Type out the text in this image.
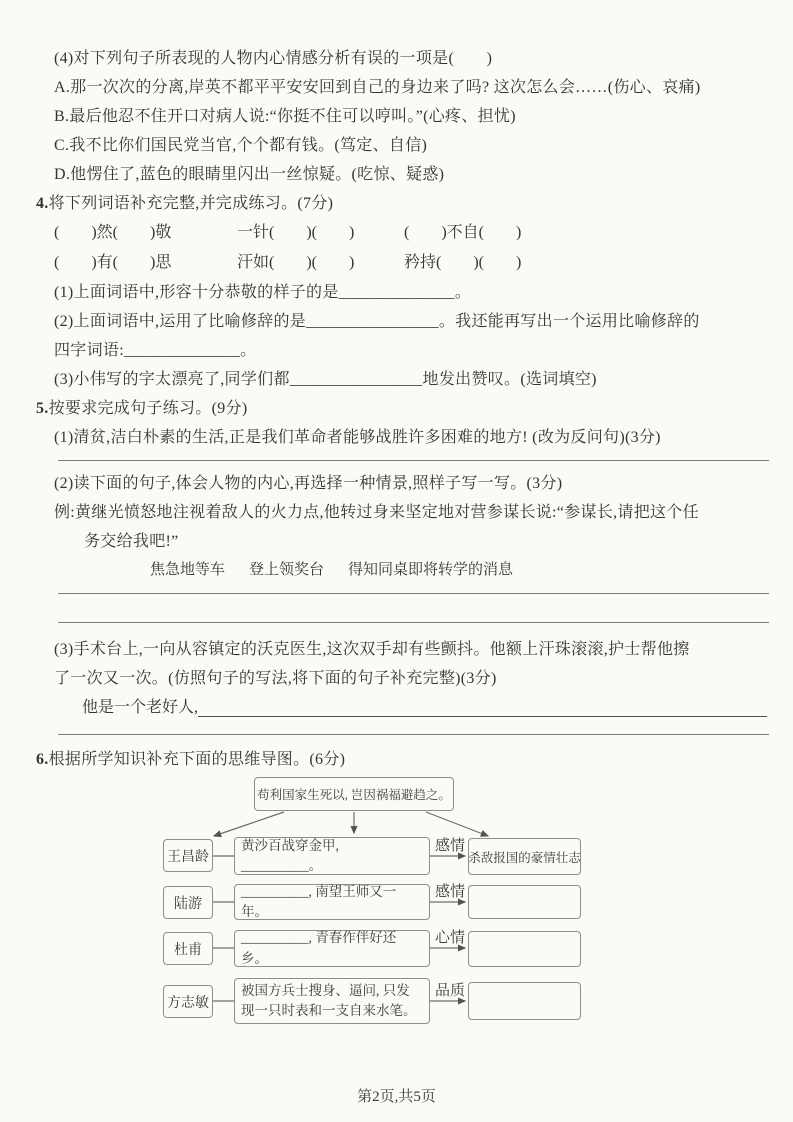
(4)对下列句子所表现的人物内心情感分析有误的一项是(　　)

A.那一次次的分离,岸英不都平平安安回到自己的身边来了吗? 这次怎么会……(伤心、哀痛)

B.最后他忍不住开口对病人说:“你挺不住可以哼叫。”(心疼、担忧)

C.我不比你们国民党当官,个个都有钱。(笃定、自信)

D.他愣住了,蓝色的眼睛里闪出一丝惊疑。(吃惊、疑惑)

4.将下列词语补充完整,并完成练习。(7分)

(　　)然(　　)敬	一针(　　)(　　)	(　　)不自(　　)
(　　)有(　　)思	汗如(　　)(　　)	矜持(　　)(　　)

(1)上面词语中,形容十分恭敬的样子的是______________。

(2)上面词语中,运用了比喻修辞的是________________。我还能再写出一个运用比喻修辞的

四字词语:______________。

(3)小伟写的字太漂亮了,同学们都________________地发出赞叹。(选词填空)

5.按要求完成句子练习。(9分)

(1)清贫,洁白朴素的生活,正是我们革命者能够战胜许多困难的地方! (改为反问句)(3分)

(2)读下面的句子,体会人物的内心,再选择一种情景,照样子写一写。(3分)

例:黄继光愤怒地注视着敌人的火力点,他转过身来坚定地对营参谋长说:“参谋长,请把这个任

务交给我吧!”

焦急地等车 登上领奖台 得知同桌即将转学的消息

(3)手术台上,一向从容镇定的沃克医生,这次双手却有些颤抖。他额上汗珠滚滚,护士帮他擦

了一次又一次。(仿照句子的写法,将下面的句子补充完整)(3分)

他是一个老好人,

6.根据所学知识补充下面的思维导图。(6分)

苟利国家生死以, 岂因祸福避趋之。
王昌龄
黄沙百战穿金甲, __________。
感情
杀敌报国的豪情壮志
陆游
__________, 南望王师又一年。
感情
杜甫
__________, 青春作伴好还乡。
心情
方志敏
被国方兵士搜身、逼问, 只发现一只时表和一支自来水笔。
品质
第2页,共5页
